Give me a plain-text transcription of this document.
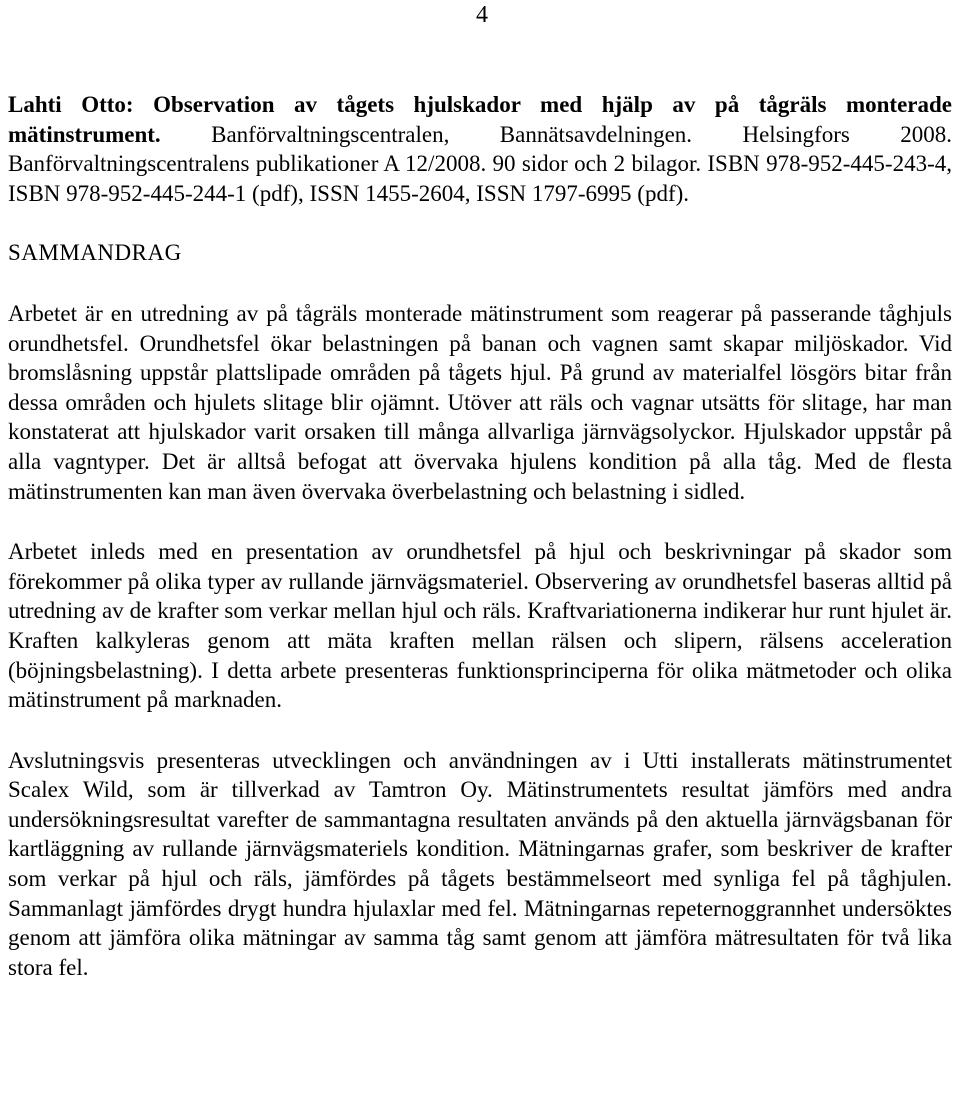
4

Lahti Otto: Observation av tågets hjulskador med hjälp av på tågräls monterade mätinstrument. Banförvaltningscentralen, Bannätsavdelningen. Helsingfors 2008. Banförvaltningscentralens publikationer A 12/2008. 90 sidor och 2 bilagor. ISBN 978-952-445-243-4, ISBN 978-952-445-244-1 (pdf), ISSN 1455-2604, ISSN 1797-6995 (pdf).

SAMMANDRAG

Arbetet är en utredning av på tågräls monterade mätinstrument som reagerar på passerande tåghjuls orundhetsfel. Orundhetsfel ökar belastningen på banan och vagnen samt skapar miljöskador. Vid bromslåsning uppstår plattslipade områden på tågets hjul. På grund av materialfel lösgörs bitar från dessa områden och hjulets slitage blir ojämnt. Utöver att räls och vagnar utsätts för slitage, har man konstaterat att hjulskador varit orsaken till många allvarliga järnvägsolyckor. Hjulskador uppstår på alla vagntyper. Det är alltså befogat att övervaka hjulens kondition på alla tåg. Med de flesta mätinstrumenten kan man även övervaka överbelastning och belastning i sidled.

Arbetet inleds med en presentation av orundhetsfel på hjul och beskrivningar på skador som förekommer på olika typer av rullande järnvägsmateriel. Observering av orundhetsfel baseras alltid på utredning av de krafter som verkar mellan hjul och räls. Kraftvariationerna indikerar hur runt hjulet är. Kraften kalkyleras genom att mäta kraften mellan rälsen och slipern, rälsens acceleration (böjningsbelastning). I detta arbete presenteras funktionsprinciperna för olika mätmetoder och olika mätinstrument på marknaden.

Avslutningsvis presenteras utvecklingen och användningen av i Utti installerats mätinstrumentet Scalex Wild, som är tillverkad av Tamtron Oy. Mätinstrumentets resultat jämförs med andra undersökningsresultat varefter de sammantagna resultaten används på den aktuella järnvägsbanan för kartläggning av rullande järnvägsmateriels kondition. Mätningarnas grafer, som beskriver de krafter som verkar på hjul och räls, jämfördes på tågets bestämmelseort med synliga fel på tåghjulen. Sammanlagt jämfördes drygt hundra hjulaxlar med fel. Mätningarnas repeternoggrannhet undersöktes genom att jämföra olika mätningar av samma tåg samt genom att jämföra mätresultaten för två lika stora fel.
